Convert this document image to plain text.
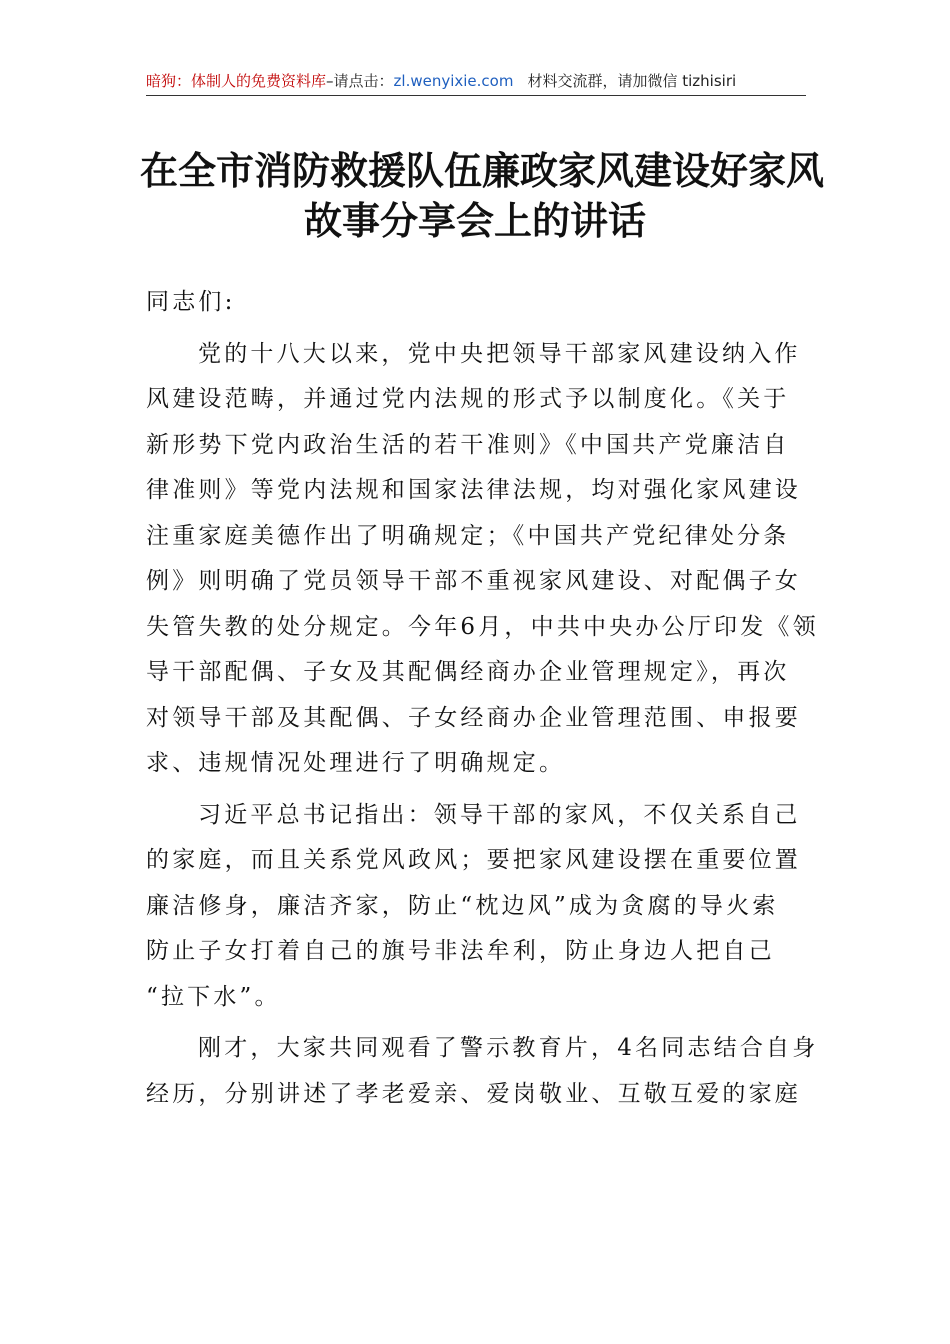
暗狗：体制人的免费资料库–请点击：zl.wenyixie.com 材料交流群，请加微信 tizhisiri
在全市消防救援队伍廉政家风建设好家风
故事分享会上的讲话
同志们:
党的十八大以来，党中央把领导干部家风建设纳入作
风建设范畴，并通过党内法规的形式予以制度化。《关于
新形势下党内政治生活的若干准则》《中国共产党廉洁自
律准则》等党内法规和国家法律法规，均对强化家风建设
注重家庭美德作出了明确规定；《中国共产党纪律处分条
例》则明确了党员领导干部不重视家风建设、对配偶子女
失管失教的处分规定。今年6月，中共中央办公厅印发《领
导干部配偶、子女及其配偶经商办企业管理规定》，再次
对领导干部及其配偶、子女经商办企业管理范围、申报要
求、违规情况处理进行了明确规定。
习近平总书记指出：领导干部的家风，不仅关系自己
的家庭，而且关系党风政风；要把家风建设摆在重要位置
廉洁修身，廉洁齐家，防止“枕边风”成为贪腐的导火索
防止子女打着自己的旗号非法牟利，防止身边人把自己
“拉下水”。
刚才，大家共同观看了警示教育片，4名同志结合自身
经历，分别讲述了孝老爱亲、爱岗敬业、互敬互爱的家庭
